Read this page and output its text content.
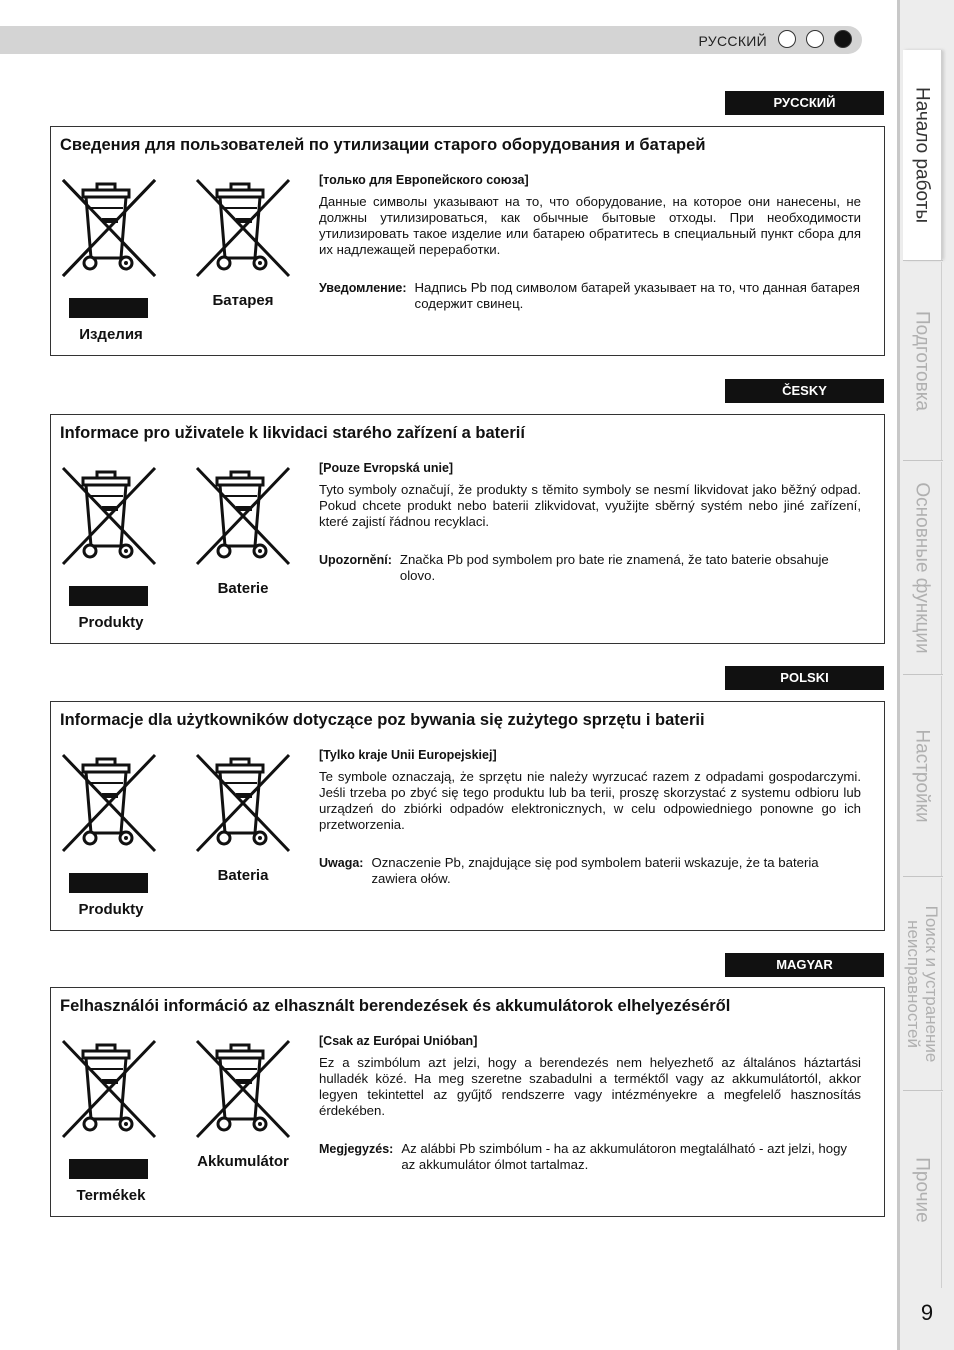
РУССКИЙ
Начало работы
Подготовка
Основные функции
Настройки
Поиск и устранение неисправностей
Прочие
9
РУССКИЙ
Сведения для пользователей по утилизации старого оборудования и батарей
Батарея
Изделия
[только для Европейского союза]
Данные символы указывают на то, что оборудование, на которое они нанесены, не должны утилизироваться, как обычные бытовые отходы. При необходимости утилизировать такое изделие или батарею обратитесь в специальный пункт сбора для их надлежащей переработки.
Уведомление: Надпись Pb под символом батарей указывает на то, что данная батарея содержит свинец.
ČESKY
Informace pro uživatele k likvidaci starého zařízení a baterií
Baterie
Produkty
[Pouze Evropská unie]
Tyto symboly označují, že produkty s těmito symboly se nesmí likvidovat jako běžný odpad. Pokud chcete produkt nebo baterii zlikvidovat, využijte sběrný systém nebo jiné zařízení, které zajistí řádnou recyklaci.
Upozornění: Značka Pb pod symbolem pro bate rie znamená, že tato baterie obsahuje olovo.
POLSKI
Informacje dla użytkowników dotyczące poz bywania się zużytego sprzętu i baterii
Bateria
Produkty
[Tylko kraje Unii Europejskiej]
Te symbole oznaczają, że sprzętu nie należy wyrzucać razem z odpadami gospodarczymi. Jeśli trzeba po zbyć się tego produktu lub ba terii, proszę skorzystać z systemu odbioru lub urządzeń do zbiórki odpadów elektronicznych, w celu odpowiedniego ponowne go ich przetworzenia.
Uwaga: Oznaczenie Pb, znajdujące się pod symbolem baterii wskazuje, że ta bateria zawiera ołów.
MAGYAR
Felhasználói információ az elhasznált berendezések és akkumulátorok elhelyezéséről
Akkumulátor
Termékek
[Csak az Európai Unióban]
Ez a szimbólum azt jelzi, hogy a berendezés nem helyezhető az általános háztartási hulladék közé. Ha meg szeretne szabadulni a terméktől vagy az akkumulátortól, akkor legyen tekintettel az gyűjtő rendszerre vagy intézményekre a megfelelő hasznosítás érdekében.
Megjegyzés: Az alábbi Pb szimbólum - ha az akkumulátoron megtalálható - azt jelzi, hogy az akkumulátor ólmot tartalmaz.
